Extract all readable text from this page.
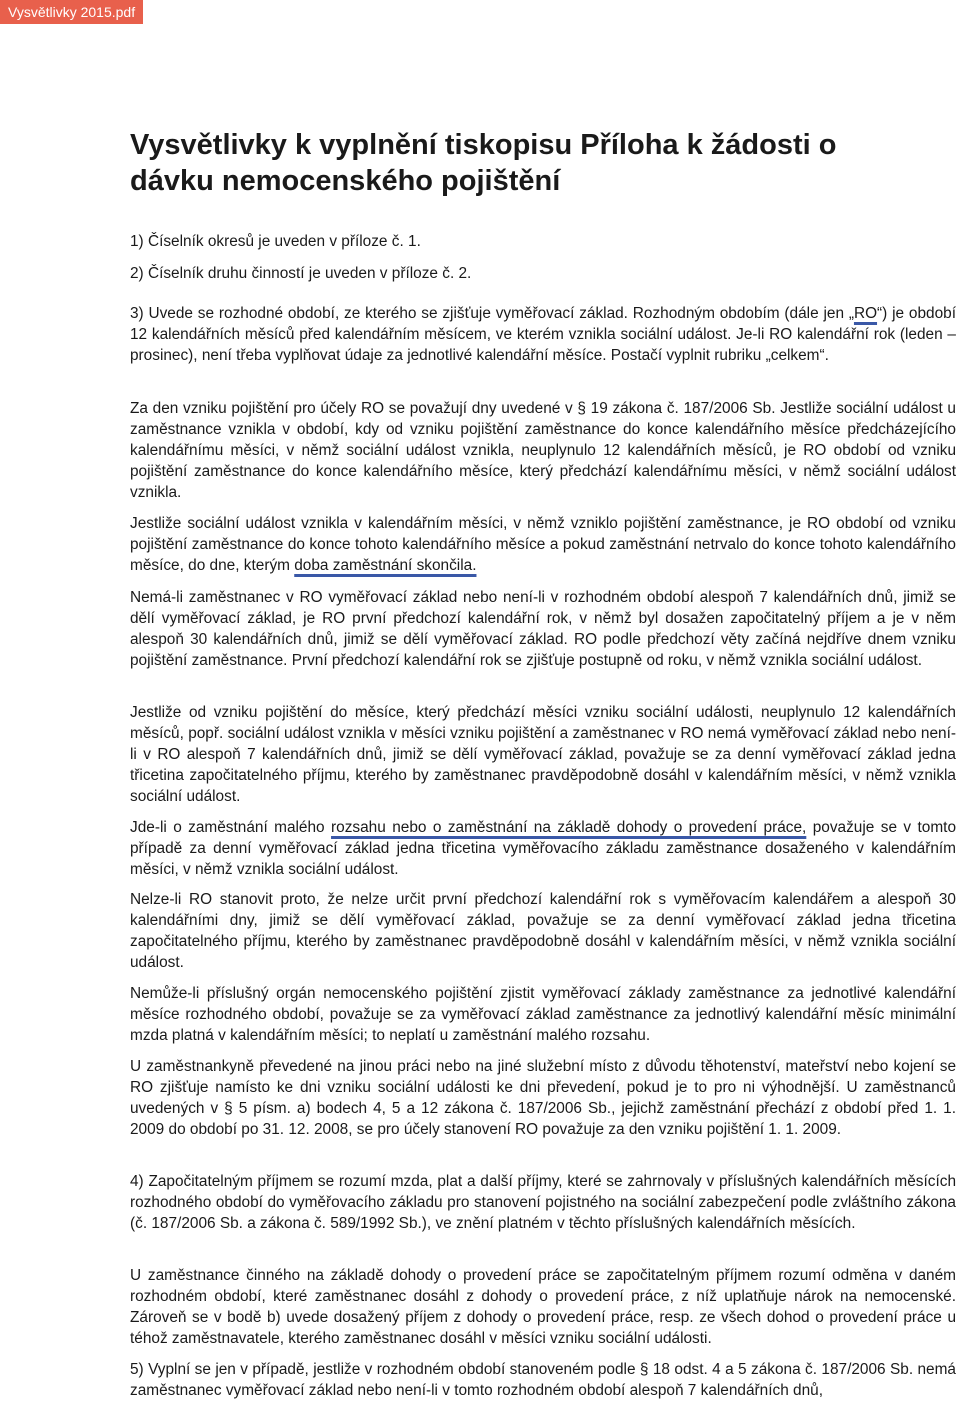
Vysvětlivky 2015.pdf
Vysvětlivky k vyplnění tiskopisu Příloha k žádosti o dávku nemocenského pojištění

1) Číselník okresů je uveden v příloze č. 1.

2) Číselník druhu činností je uveden v příloze č. 2.

3) Uvede se rozhodné období, ze kterého se zjišťuje vyměřovací základ. Rozhodným obdobím (dále jen „RO“) je období 12 kalendářních měsíců před kalendářním měsícem, ve kterém vznikla sociální událost. Je-li RO kalendářní rok (leden – prosinec), není třeba vyplňovat údaje za jednotlivé kalendářní měsíce. Postačí vyplnit rubriku „celkem“.

Za den vzniku pojištění pro účely RO se považují dny uvedené v § 19 zákona č. 187/2006 Sb. Jestliže sociální událost u zaměstnance vznikla v období, kdy od vzniku pojištění zaměstnance do konce kalendářního měsíce předcházejícího kalendářnímu měsíci, v němž sociální událost vznikla, neuplynulo 12 kalendářních měsíců, je RO období od vzniku pojištění zaměstnance do konce kalendářního měsíce, který předchází kalendářnímu měsíci, v němž sociální událost vznikla.

Jestliže sociální událost vznikla v kalendářním měsíci, v němž vzniklo pojištění zaměstnance, je RO období od vzniku pojištění zaměstnance do konce tohoto kalendářního měsíce a pokud zaměstnání netrvalo do konce tohoto kalendářního měsíce, do dne, kterým doba zaměstnání skončila.

Nemá-li zaměstnanec v RO vyměřovací základ nebo není-li v rozhodném období alespoň 7 kalendářních dnů, jimiž se dělí vyměřovací základ, je RO první předchozí kalendářní rok, v němž byl dosažen započitatelný příjem a je v něm alespoň 30 kalendářních dnů, jimiž se dělí vyměřovací základ. RO podle předchozí věty začíná nejdříve dnem vzniku pojištění zaměstnance. První předchozí kalendářní rok se zjišťuje postupně od roku, v němž vznikla sociální událost.

Jestliže od vzniku pojištění do měsíce, který předchází měsíci vzniku sociální události, neuplynulo 12 kalendářních měsíců, popř. sociální událost vznikla v měsíci vzniku pojištění a zaměstnanec v RO nemá vyměřovací základ nebo není-li v RO alespoň 7 kalendářních dnů, jimiž se dělí vyměřovací základ, považuje se za denní vyměřovací základ jedna třicetina započitatelného příjmu, kterého by zaměstnanec pravděpodobně dosáhl v kalendářním měsíci, v němž vznikla sociální událost.

Jde-li o zaměstnání malého rozsahu nebo o zaměstnání na základě dohody o provedení práce, považuje se v tomto případě za denní vyměřovací základ jedna třicetina vyměřovacího základu zaměstnance dosaženého v kalendářním měsíci, v němž vznikla sociální událost.

Nelze-li RO stanovit proto, že nelze určit první předchozí kalendářní rok s vyměřovacím kalendářem a alespoň 30 kalendářními dny, jimiž se dělí vyměřovací základ, považuje se za denní vyměřovací základ jedna třicetina započitatelného příjmu, kterého by zaměstnanec pravděpodobně dosáhl v kalendářním měsíci, v němž vznikla sociální událost.

Nemůže-li příslušný orgán nemocenského pojištění zjistit vyměřovací základy zaměstnance za jednotlivé kalendářní měsíce rozhodného období, považuje se za vyměřovací základ zaměstnance za jednotlivý kalendářní měsíc minimální mzda platná v kalendářním měsíci; to neplatí u zaměstnání malého rozsahu.

U zaměstnankyně převedené na jinou práci nebo na jiné služební místo z důvodu těhotenství, mateřství nebo kojení se RO zjišťuje namísto ke dni vzniku sociální události ke dni převedení, pokud je to pro ni výhodnější. U zaměstnanců uvedených v § 5 písm. a) bodech 4, 5 a 12 zákona č. 187/2006 Sb., jejichž zaměstnání přechází z období před 1. 1. 2009 do období po 31. 12. 2008, se pro účely stanovení RO považuje za den vzniku pojištění 1. 1. 2009.

4) Započitatelným příjmem se rozumí mzda, plat a další příjmy, které se zahrnovaly v příslušných kalendářních měsících rozhodného období do vyměřovacího základu pro stanovení pojistného na sociální zabezpečení podle zvláštního zákona (č. 187/2006 Sb. a zákona č. 589/1992 Sb.), ve znění platném v těchto příslušných kalendářních měsících.

U zaměstnance činného na základě dohody o provedení práce se započitatelným příjmem rozumí odměna v daném rozhodném období, které zaměstnanec dosáhl z dohody o provedení práce, z níž uplatňuje nárok na nemocenské. Zároveň se v bodě b) uvede dosažený příjem z dohody o provedení práce, resp. ze všech dohod o provedení práce u téhož zaměstnavatele, kterého zaměstnanec dosáhl v měsíci vzniku sociální události.

5) Vyplní se jen v případě, jestliže v rozhodném období stanoveném podle § 18 odst. 4 a 5 zákona č. 187/2006 Sb. nemá zaměstnanec vyměřovací základ nebo není-li v tomto rozhodném období alespoň 7 kalendářních dnů,
